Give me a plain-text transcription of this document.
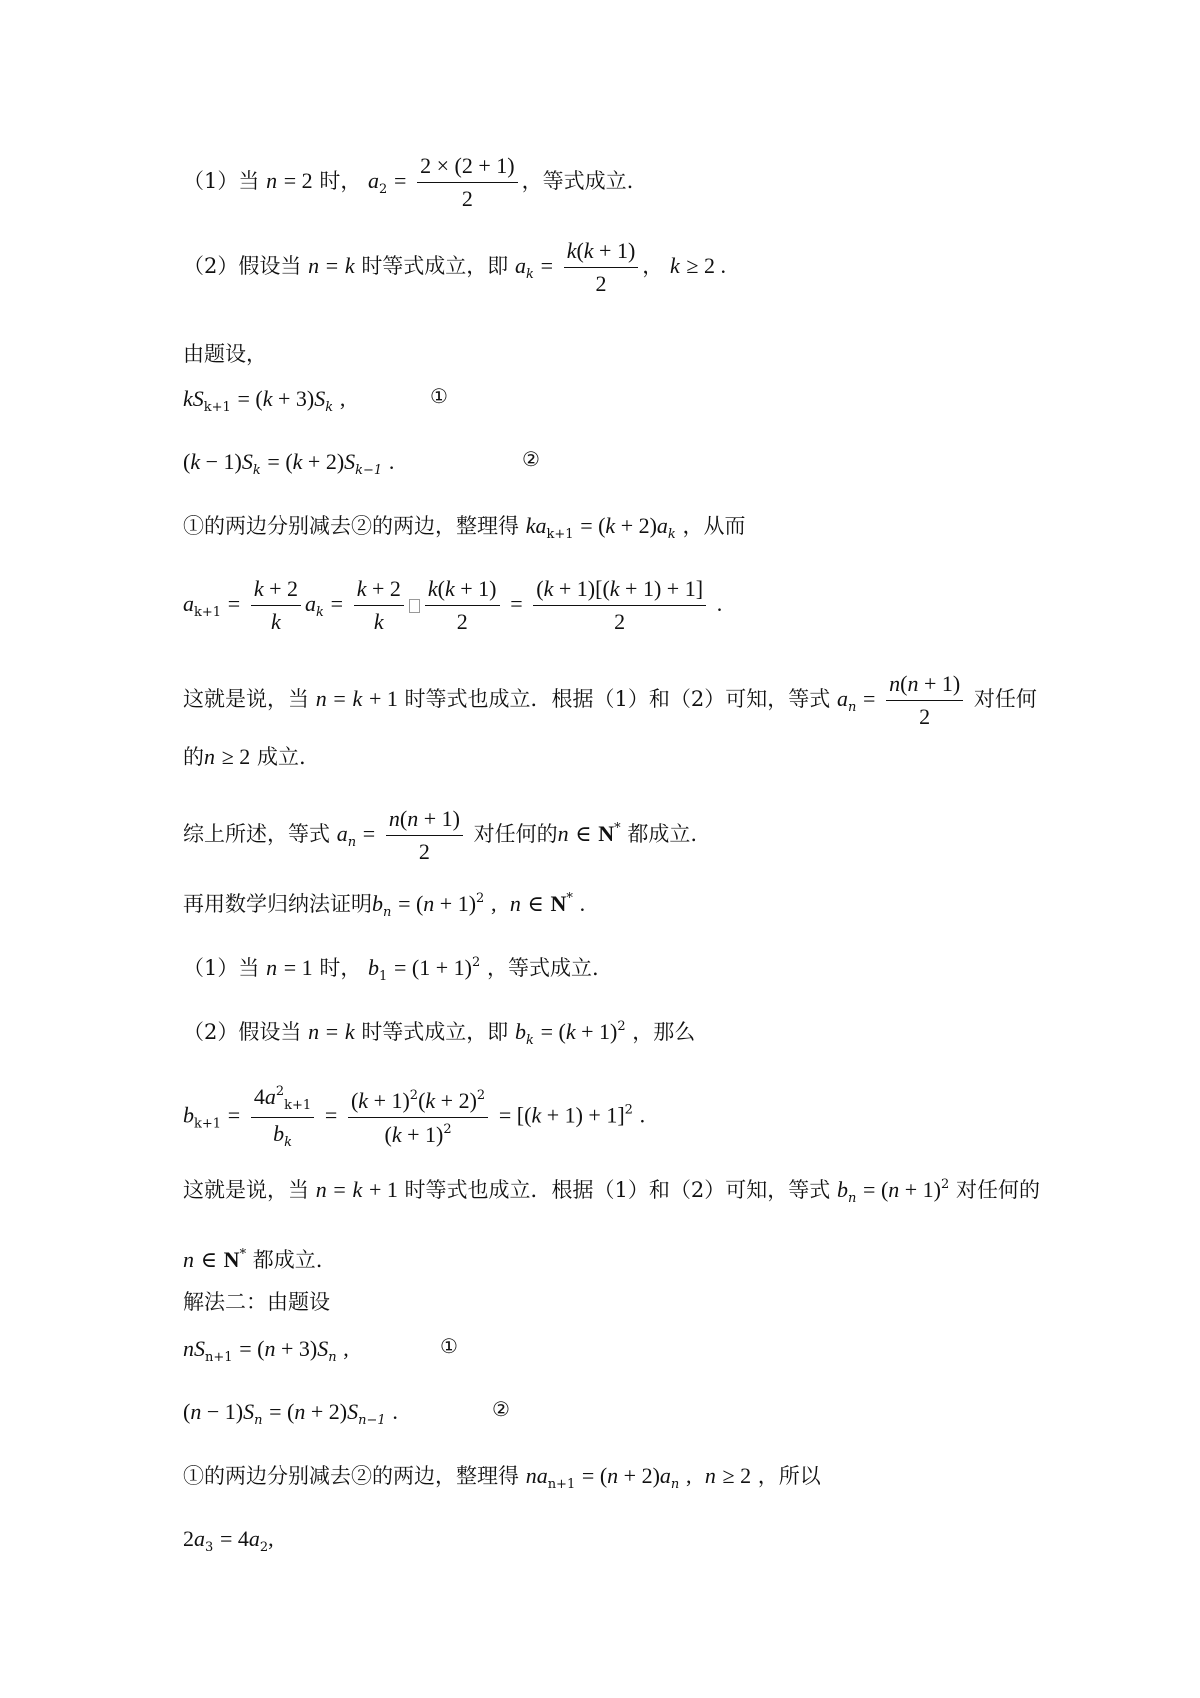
（1）当 n = 2 时， $a_2 = \frac{2 \times (2 + 1)}{2}$ ，等式成立.
（2）假设当 n = k 时等式成立，即 $a_k = \frac{k(k + 1)}{2}$ ， k ≥ 2 .
由题设，
$kS_{k+1} = (k + 3)S_k$ ,	①
$(k - 1)S_k = (k + 2)S_{k-1}$ .	②
①的两边分别减去②的两边，整理得 $ka_{k+1} = (k + 2)a_k$ ，从而
$a_{k+1} = \frac{k + 2}{k} a_k = \frac{k + 2}{k} \frac{k(k + 1)}{2} = \frac{(k + 1)[(k + 1) + 1]}{2}$ .
这就是说，当 n = k + 1 时等式也成立．根据（1）和（2）可知，等式 $a_n = \frac{n(n + 1)}{2}$ 对任何
的n ≥ 2 成立.
综上所述，等式 $a_n = \frac{n(n + 1)}{2}$ 对任何的n ∈ N* 都成立.
再用数学归纳法证明$b_n = (n + 1)^2$ , n ∈ N* .
（1）当 n = 1 时， $b_1 = (1 + 1)^2$ ，等式成立.
（2）假设当 n = k 时等式成立，即 $b_k = (k + 1)^2$ ，那么
$b_{k+1} = \frac{4a^2_{k+1}}{b_k} = \frac{(k + 1)^2(k + 2)^2}{(k + 1)^2} = [(k + 1) + 1]^2$ .
这就是说，当 n = k + 1 时等式也成立．根据（1）和（2）可知，等式 $b_n = (n + 1)^2$ 对任何的
n ∈ N* 都成立.
解法二：由题设
$nS_{n+1} = (n + 3)S_n$ ,	①
$(n - 1)S_n = (n + 2)S_{n-1}$ .	②
①的两边分别减去②的两边，整理得 $na_{n+1} = (n + 2)a_n$ , n ≥ 2 ，所以
$2a_3 = 4a_2$,
